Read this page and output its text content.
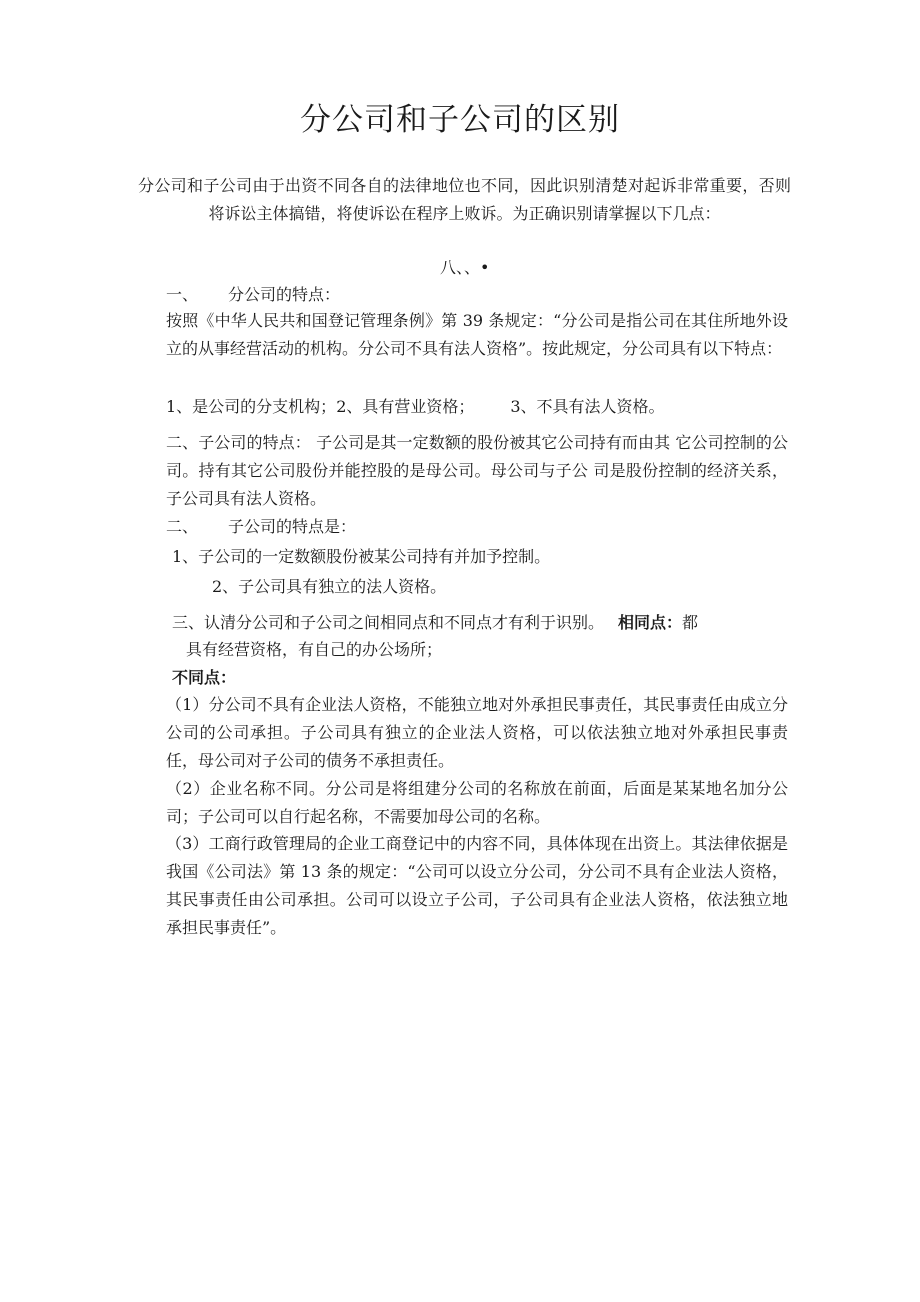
分公司和子公司的区别
分公司和子公司由于出资不同各自的法律地位也不同，因此识别清楚对起诉非常重要，否则将诉讼主体搞错，将使诉讼在程序上败诉。为正确识别请掌握以下几点：
八、、•
一、 分公司的特点：
按照《中华人民共和国登记管理条例》第 39 条规定：“分公司是指公司在其住所地外设立的从事经营活动的机构。分公司不具有法人资格”。按此规定，分公司具有以下特点：
1、是公司的分支机构；2、具有营业资格； 3、不具有法人资格。
二、子公司的特点： 子公司是其一定数额的股份被其它公司持有而由其 它公司控制的公司。持有其它公司股份并能控股的是母公司。母公司与子公 司是股份控制的经济关系，子公司具有法人资格。
二、 子公司的特点是：
1、子公司的一定数额股份被某公司持有并加予控制。
2、子公司具有独立的法人资格。
三、认清分公司和子公司之间相同点和不同点才有利于识别。 相同点：都
具有经营资格，有自己的办公场所；
不同点：
（1）分公司不具有企业法人资格，不能独立地对外承担民事责任，其民事责任由成立分公司的公司承担。子公司具有独立的企业法人资格，可以依法独立地对外承担民事责任，母公司对子公司的债务不承担责任。
（2）企业名称不同。分公司是将组建分公司的名称放在前面，后面是某某地名加分公司；子公司可以自行起名称，不需要加母公司的名称。
（3）工商行政管理局的企业工商登记中的内容不同，具体体现在出资上。其法律依据是我国《公司法》第 13 条的规定：“公司可以设立分公司，分公司不具有企业法人资格，其民事责任由公司承担。公司可以设立子公司，子公司具有企业法人资格，依法独立地承担民事责任”。
